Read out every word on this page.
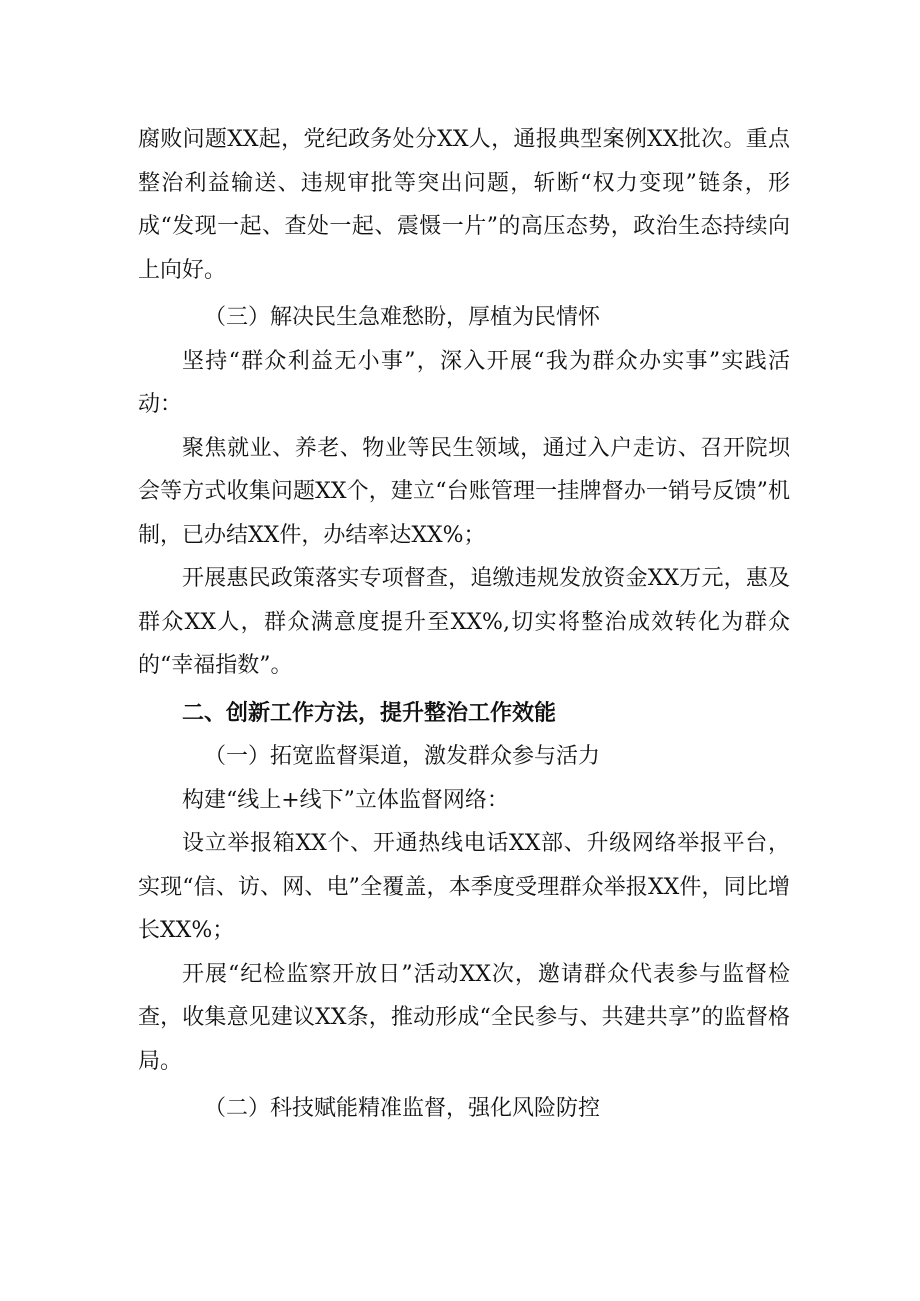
腐败问题XX起，党纪政务处分XX人，通报典型案例XX批次。重点整治利益输送、违规审批等突出问题，斩断“权力变现”链条，形成“发现一起、查处一起、震慑一片”的高压态势，政治生态持续向上向好。

（三）解决民生急难愁盼，厚植为民情怀

坚持“群众利益无小事”，深入开展“我为群众办实事”实践活动：

聚焦就业、养老、物业等民生领域，通过入户走访、召开院坝会等方式收集问题XX个，建立“台账管理一挂牌督办一销号反馈”机制，已办结XX件，办结率达XX%；

开展惠民政策落实专项督查，追缴违规发放资金XX万元，惠及群众XX人，群众满意度提升至XX%,切实将整治成效转化为群众的“幸福指数”。

二、创新工作方法，提升整治工作效能

（一）拓宽监督渠道，激发群众参与活力

构建“线上+线下”立体监督网络：

设立举报箱XX个、开通热线电话XX部、升级网络举报平台，实现“信、访、网、电”全覆盖，本季度受理群众举报XX件，同比增长XX%；

开展“纪检监察开放日”活动XX次，邀请群众代表参与监督检查，收集意见建议XX条，推动形成“全民参与、共建共享”的监督格局。

（二）科技赋能精准监督，强化风险防控
